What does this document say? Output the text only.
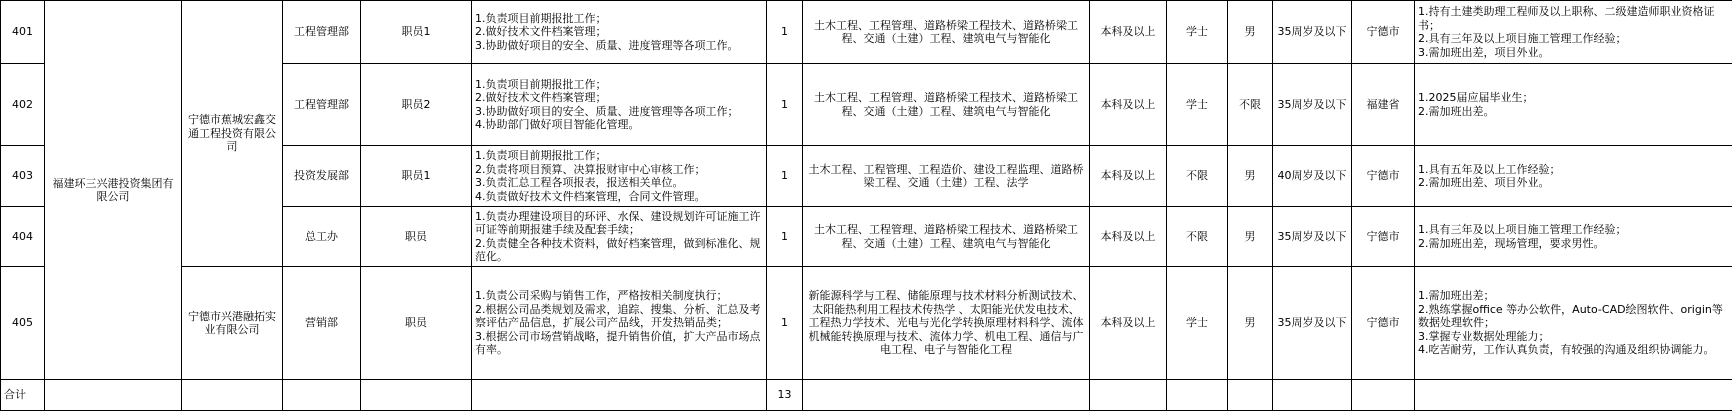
401	福建环三兴港投资集团有限公司	宁德市蕉城宏鑫交通工程投资有限公司	工程管理部	职员1	1.负责项目前期报批工作；
2.做好技术文件档案管理；
3.协助做好项目的安全、质量、进度管理等各项工作。	1	土木工程、工程管理、道路桥梁工程技术、道路桥梁工程、交通（土建）工程、建筑电气与智能化	本科及以上	学士	男	35周岁及以下	宁德市	1.持有土建类助理工程师及以上职称、二级建造师职业资格证书；
2.具有三年及以上项目施工管理工作经验；
3.需加班出差，项目外业。

402			工程管理部	职员2	1.负责项目前期报批工作；
2.做好技术文件档案管理；
3.协助做好项目的安全、质量、进度管理等各项工作；
4.协助部门做好项目智能化管理。	1	土木工程、工程管理、道路桥梁工程技术、道路桥梁工程、交通（土建）工程、建筑电气与智能化	本科及以上	学士	不限	35周岁及以下	福建省	1.2025届应届毕业生；
2.需加班出差。

403			投资发展部	职员1	1.负责项目前期报批工作；
2.负责将项目预算、决算报财审中心审核工作；
3.负责汇总工程各项报表，报送相关单位。
4.负责做好技术文件档案管理，合同文件管理。	1	土木工程、工程管理、工程造价、建设工程监理、道路桥梁工程、交通（土建）工程、法学	本科及以上	不限	男	40周岁及以下	宁德市	1.具有五年及以上工作经验；
2.需加班出差、项目外业。

404			总工办	职员	1.负责办理建设项目的环评、水保、建设规划许可证施工许可证等前期报建手续及配套手续；
2.负责健全各种技术资料，做好档案管理，做到标准化、规范化。	1	土木工程、工程管理、道路桥梁工程技术、道路桥梁工程、交通（土建）工程、建筑电气与智能化	本科及以上	不限	男	35周岁及以下	宁德市	1.具有三年及以上项目施工管理工作经验；
2.需加班出差，现场管理，要求男性。

405		宁德市兴港融拓实业有限公司	营销部	职员	1.负责公司采购与销售工作，严格按相关制度执行；
2.根据公司品类规划及需求，追踪、搜集、分析、汇总及考察评估产品信息，扩展公司产品线，开发热销品类；
3.根据公司市场营销战略，提升销售价值，扩大产品市场点有率。	1	新能源科学与工程、储能原理与技术材料分析测试技术、太阳能热利用工程技术传热学 、太阳能光伏发电技术、 工程热力学技术、光电与光化学转换原理材料科学、流体机械能转换原理与技术、流体力学、机电工程、通信与广电工程、电子与智能化工程	本科及以上	学士	男	35周岁及以下	宁德市	1.需加班出差；
2.熟练掌握office 等办公软件，Auto-CAD绘图软件、origin等数据处理软件；
3.掌握专业数据处理能力；
4.吃苦耐劳，工作认真负责，有较强的沟通及组织协调能力。

合计						13							
